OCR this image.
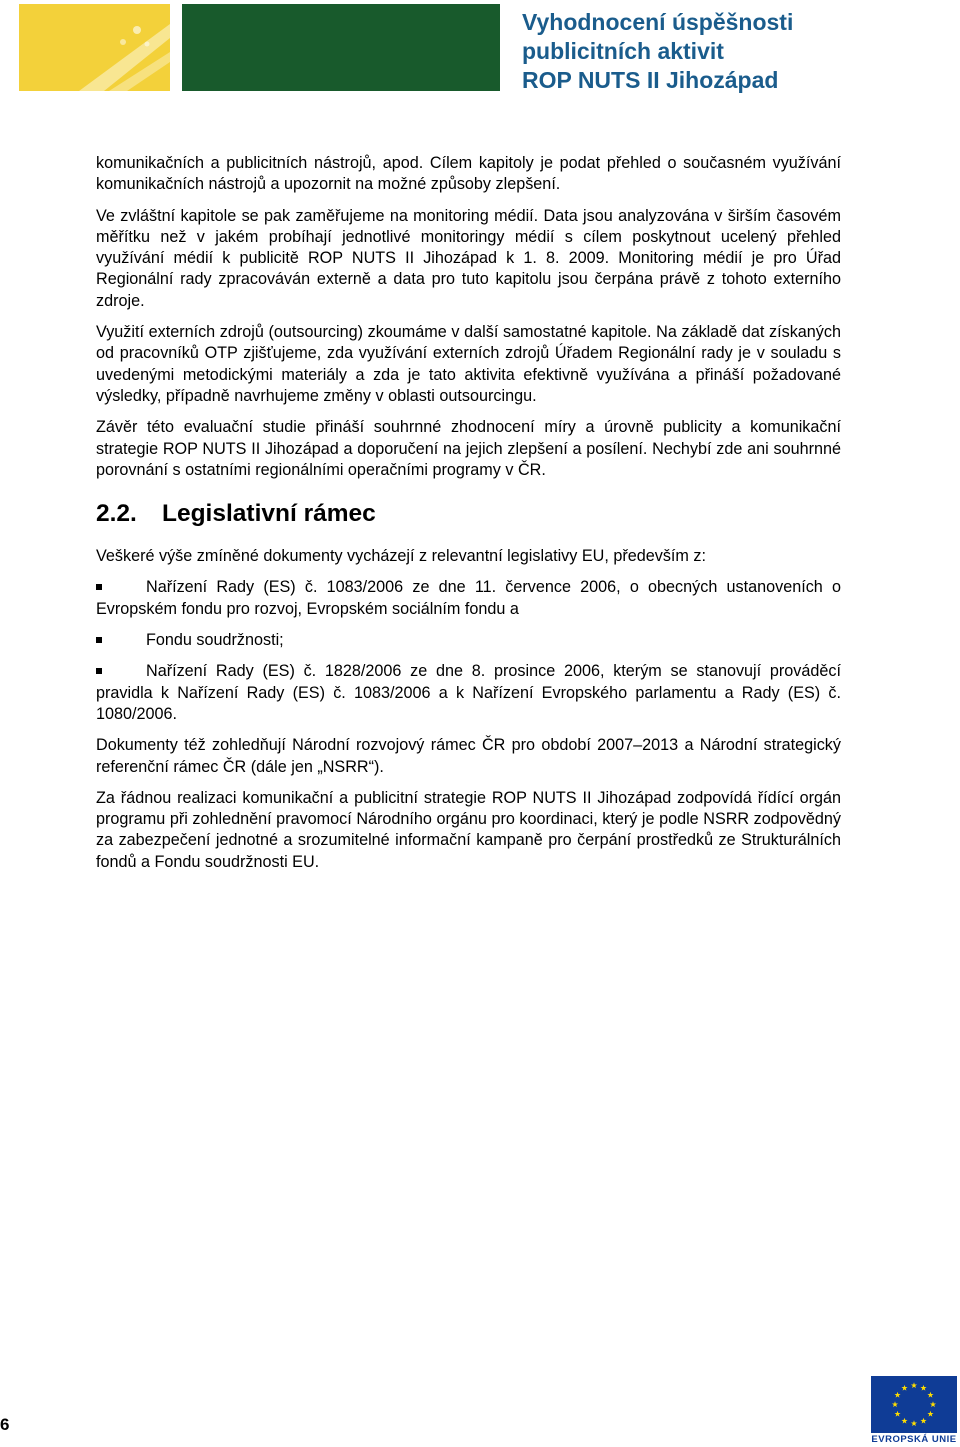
Vyhodnocení úspěšnosti
publicitních aktivit
ROP NUTS II Jihozápad

komunikačních a publicitních nástrojů, apod. Cílem kapitoly je podat přehled o současném využívání komunikačních nástrojů a upozornit na možné způsoby zlepšení.

Ve zvláštní kapitole se pak zaměřujeme na monitoring médií. Data jsou analyzována v širším časovém měřítku než v jakém probíhají jednotlivé monitoringy médií s cílem poskytnout ucelený přehled využívání médií k publicitě ROP NUTS II Jihozápad k 1. 8. 2009. Monitoring médií je pro Úřad Regionální rady zpracováván externě a data pro tuto kapitolu jsou čerpána právě z tohoto externího zdroje.

Využití externích zdrojů (outsourcing) zkoumáme v další samostatné kapitole. Na základě dat získaných od pracovníků OTP zjišťujeme, zda využívání externích zdrojů Úřadem Regionální rady je v souladu s uvedenými metodickými materiály a zda je tato aktivita efektivně využívána a přináší požadované výsledky, případně navrhujeme změny v oblasti outsourcingu.

Závěr této evaluační studie přináší souhrnné zhodnocení míry a úrovně publicity a komunikační strategie ROP NUTS II Jihozápad a doporučení na jejich zlepšení a posílení. Nechybí zde ani souhrnné porovnání s ostatními regionálními operačními programy v ČR.

2.2. Legislativní rámec

Veškeré výše zmíněné dokumenty vycházejí z relevantní legislativy EU, především z:

Nařízení Rady (ES) č. 1083/2006 ze dne 11. července 2006, o obecných ustanoveních o Evropském fondu pro rozvoj, Evropském sociálním fondu a
Fondu soudržnosti;
Nařízení Rady (ES) č. 1828/2006 ze dne 8. prosince 2006, kterým se stanovují prováděcí pravidla k Nařízení Rady (ES) č. 1083/2006 a k Nařízení Evropského parlamentu a Rady (ES) č. 1080/2006.

Dokumenty též zohledňují Národní rozvojový rámec ČR pro období 2007–2013 a Národní strategický referenční rámec ČR (dále jen „NSRR“).

Za řádnou realizaci komunikační a publicitní strategie ROP NUTS II Jihozápad zodpovídá řídící orgán programu při zohlednění pravomocí Národního orgánu pro koordinaci, který je podle NSRR zodpovědný za zabezpečení jednotné a srozumitelné informační kampaně pro čerpání prostředků ze Strukturálních fondů a Fondu soudržnosti EU.

6
EVROPSKÁ UNIE
